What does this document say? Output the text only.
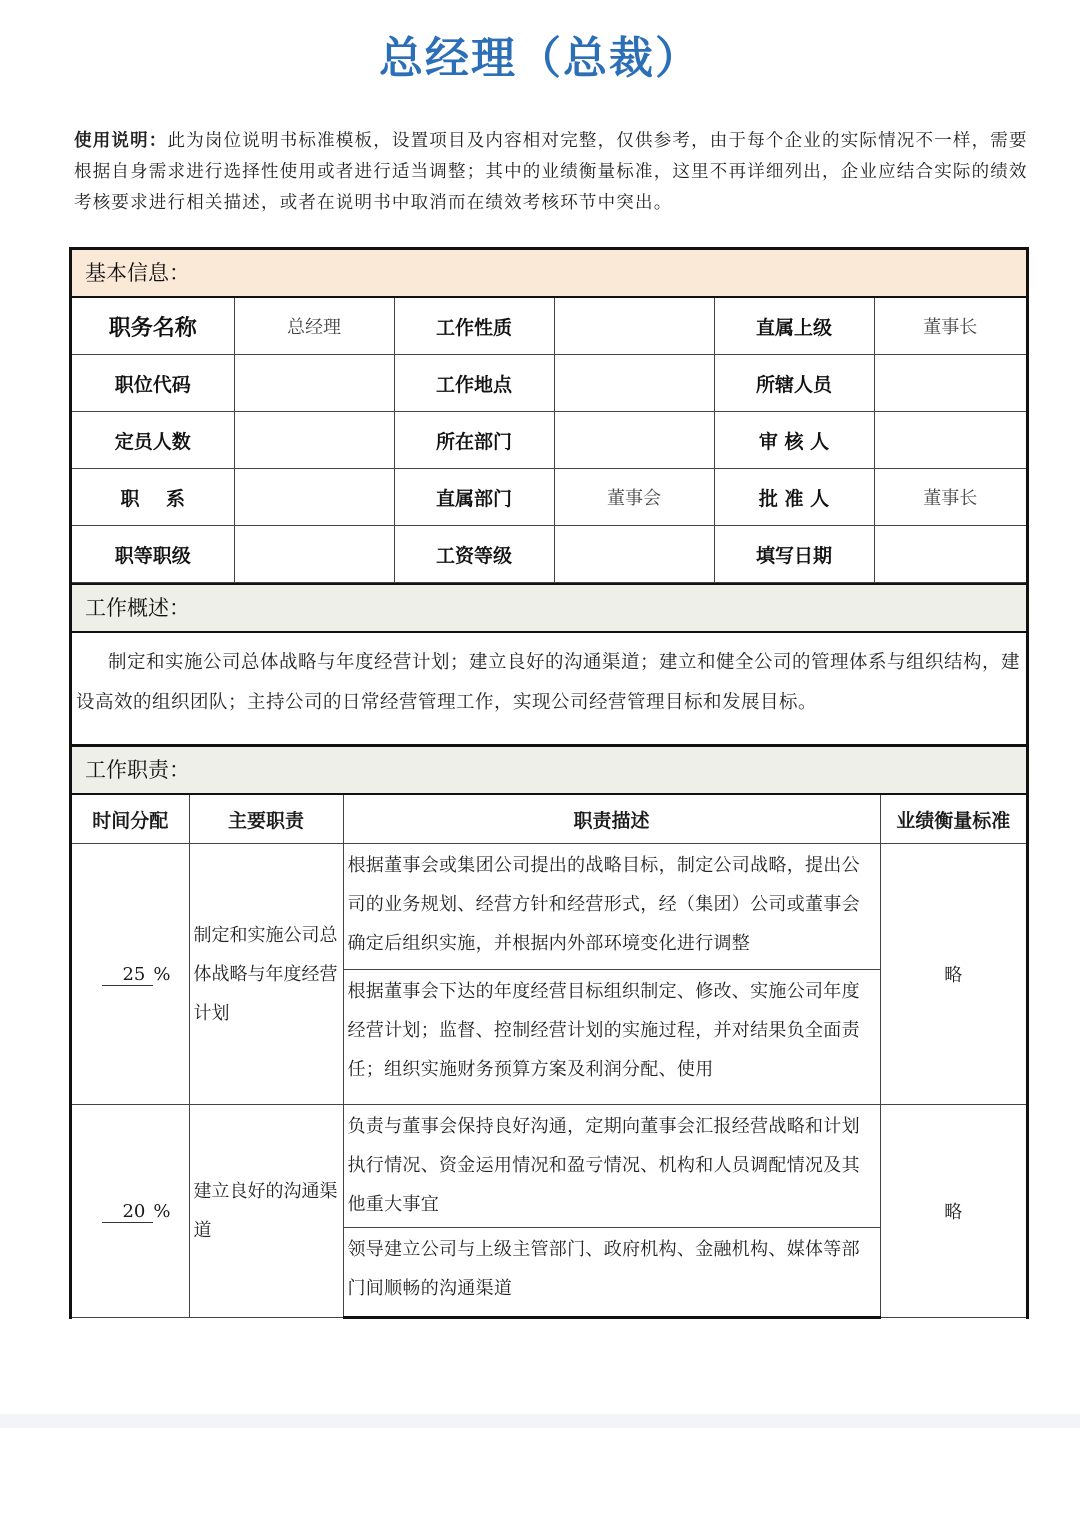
总经理（总裁）
使用说明：此为岗位说明书标准模板，设置项目及内容相对完整，仅供参考，由于每个企业的实际情况不一样，需要根据自身需求进行选择性使用或者进行适当调整；其中的业绩衡量标准，这里不再详细列出，企业应结合实际的绩效考核要求进行相关描述，或者在说明书中取消而在绩效考核环节中突出。
基本信息：
职务名称	总经理	工作性质		直属上级	董事长
职位代码		工作地点		所辖人员	
定员人数		所在部门		审 核 人	
职    系		直属部门	董事会	批 准 人	董事长
职等职级		工资等级		填写日期	
工作概述：
制定和实施公司总体战略与年度经营计划；建立良好的沟通渠道；建立和健全公司的管理体系与组织结构，建设高效的组织团队；主持公司的日常经营管理工作，实现公司经营管理目标和发展目标。
工作职责：
时间分配	主要职责	职责描述	业绩衡量标准
25 %	制定和实施公司总体战略与年度经营计划	根据董事会或集团公司提出的战略目标，制定公司战略，提出公司的业务规划、经营方针和经营形式，经（集团）公司或董事会确定后组织实施，并根据内外部环境变化进行调整	略
		根据董事会下达的年度经营目标组织制定、修改、实施公司年度经营计划；监督、控制经营计划的实施过程，并对结果负全面责任；组织实施财务预算方案及利润分配、使用	
20 %	建立良好的沟通渠道	负责与董事会保持良好沟通，定期向董事会汇报经营战略和计划执行情况、资金运用情况和盈亏情况、机构和人员调配情况及其他重大事宜	略
		领导建立公司与上级主管部门、政府机构、金融机构、媒体等部门间顺畅的沟通渠道	
